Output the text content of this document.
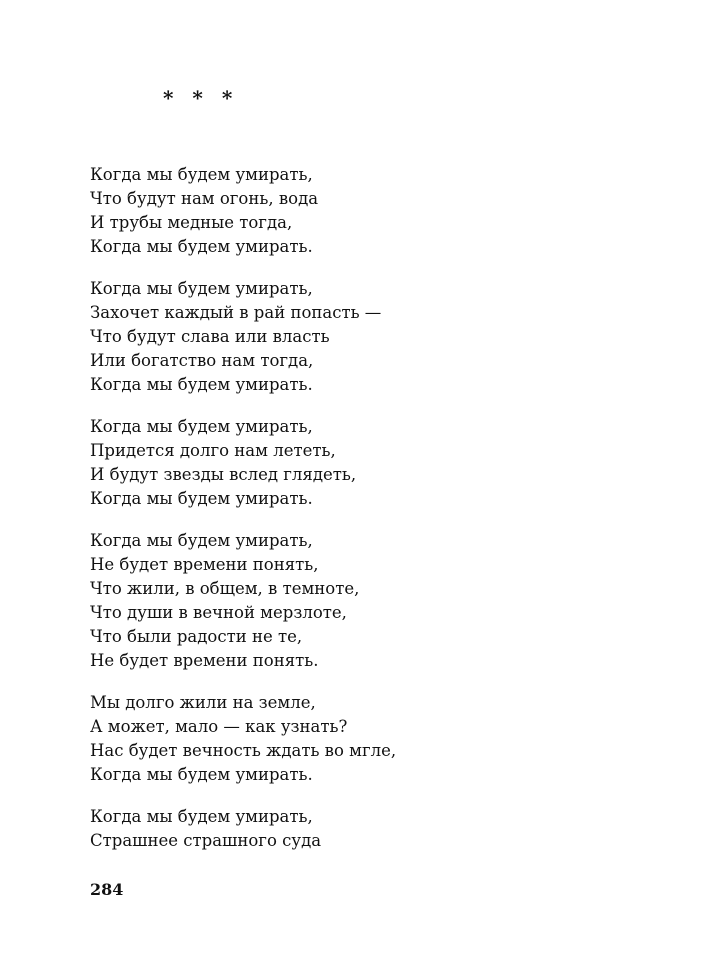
* * *
Когда мы будем умирать,
Что будут нам огонь, вода
И трубы медные тогда,
Когда мы будем умирать.
Когда мы будем умирать,
Захочет каждый в рай попасть —
Что будут слава или власть
Или богатство нам тогда,
Когда мы будем умирать.
Когда мы будем умирать,
Придется долго нам лететь,
И будут звезды вслед глядеть,
Когда мы будем умирать.
Когда мы будем умирать,
Не будет времени понять,
Что жили, в общем, в темноте,
Что души в вечной мерзлоте,
Что были радости не те,
Не будет времени понять.
Мы долго жили на земле,
А может, мало — как узнать?
Нас будет вечность ждать во мгле,
Когда мы будем умирать.
Когда мы будем умирать,
Страшнее страшного суда
284
